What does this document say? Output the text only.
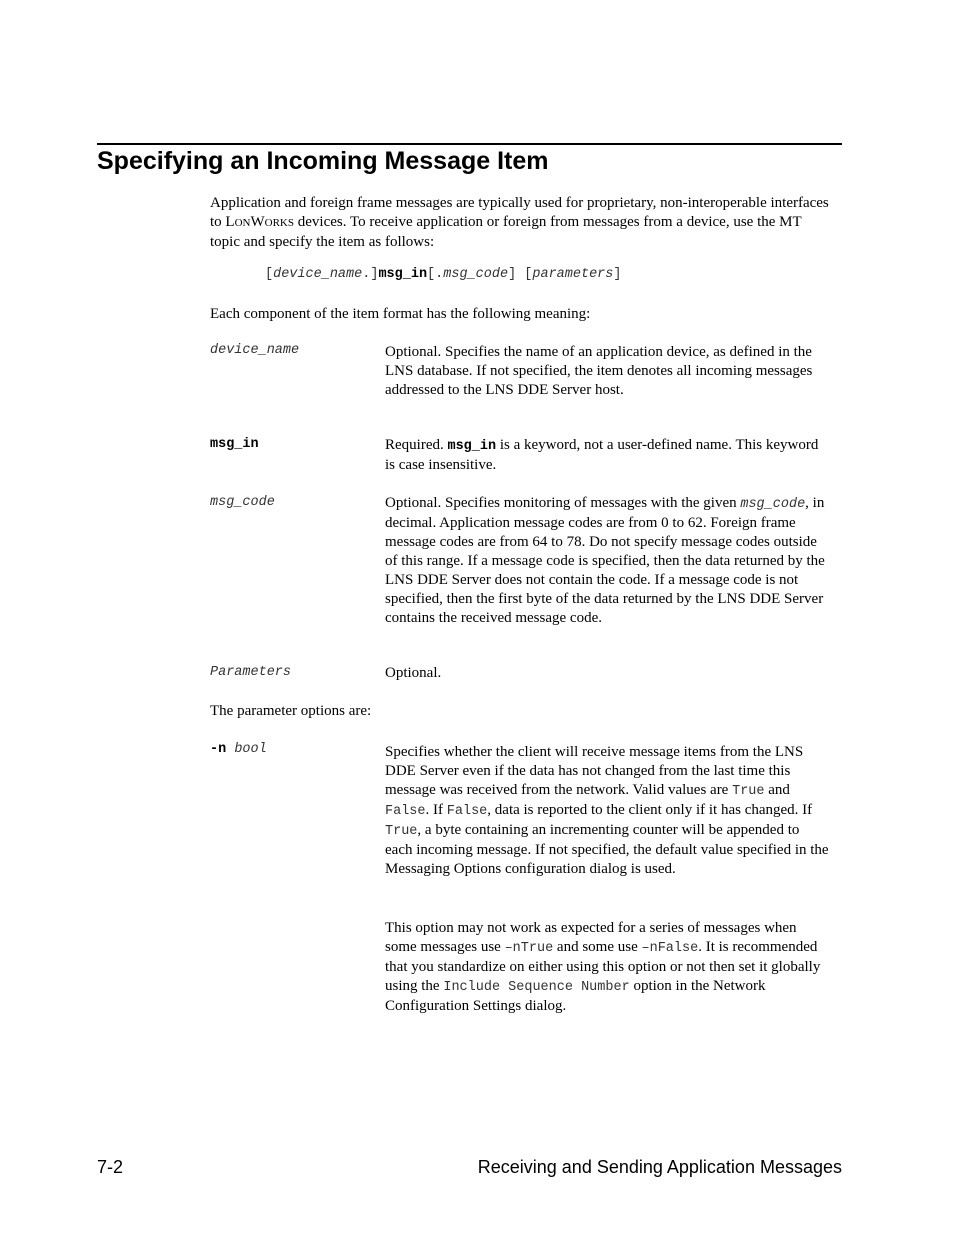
Specifying an Incoming Message Item

Application and foreign frame messages are typically used for proprietary, non-interoperable interfaces to LONWORKS devices. To receive application or foreign from messages from a device, use the MT topic and specify the item as follows:

[device_name.]msg_in[.msg_code] [parameters]

Each component of the item format has the following meaning:

device_name	Optional. Specifies the name of an application device, as defined in the LNS database. If not specified, the item denotes all incoming messages addressed to the LNS DDE Server host.

msg_in	Required. msg_in is a keyword, not a user-defined name. This keyword is case insensitive.

msg_code	Optional. Specifies monitoring of messages with the given msg_code, in decimal. Application message codes are from 0 to 62. Foreign frame message codes are from 64 to 78. Do not specify message codes outside of this range. If a message code is specified, then the data returned by the LNS DDE Server does not contain the code. If a message code is not specified, then the first byte of the data returned by the LNS DDE Server contains the received message code.

Parameters	Optional.

The parameter options are:

-n bool	Specifies whether the client will receive message items from the LNS DDE Server even if the data has not changed from the last time this message was received from the network. Valid values are True and False. If False, data is reported to the client only if it has changed. If True, a byte containing an incrementing counter will be appended to each incoming message. If not specified, the default value specified in the Messaging Options configuration dialog is used.

This option may not work as expected for a series of messages when some messages use –nTrue and some use –nFalse. It is recommended that you standardize on either using this option or not then set it globally using the Include Sequence Number option in the Network Configuration Settings dialog.

7-2	Receiving and Sending Application Messages
